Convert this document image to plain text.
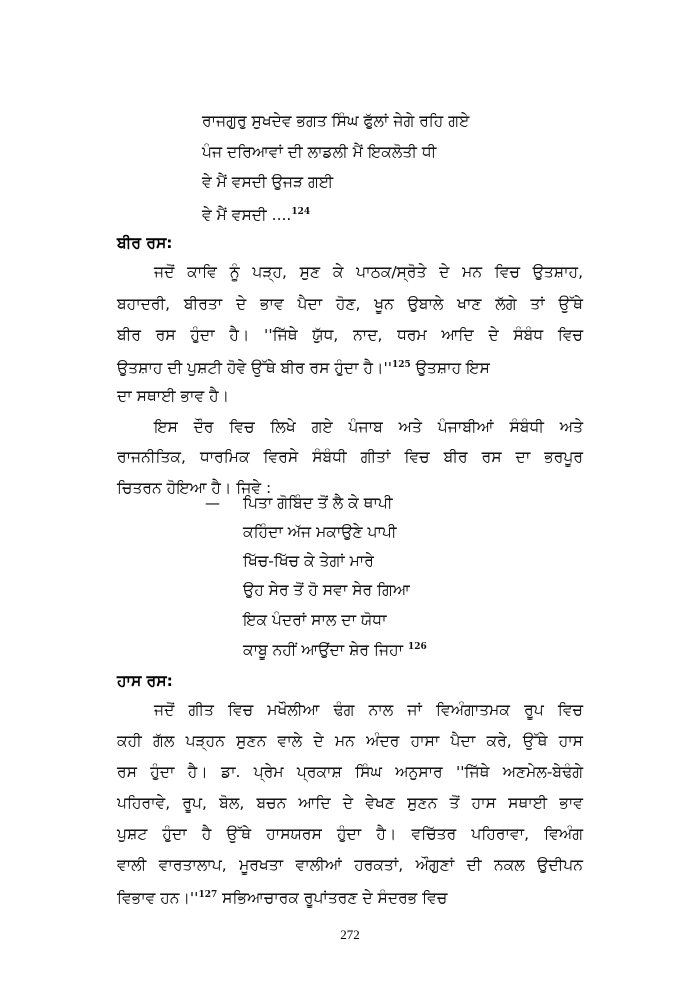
ਰਾਜਗੁਰੁ ਸੁਖਦੇਵ ਭਗਤ ਸਿੰਘ ਫੁੱਲਾਂ ਜੇਗੇ ਰਹਿ ਗਏ
ਪੰਜ ਦਰਿਆਵਾਂ ਦੀ ਲਾਡਲੀ ਮੈਂ ਇਕਲੋਤੀ ਧੀ
ਵੇ ਮੈਂ ਵਸਦੀ ਉਜੜ ਗਈ
ਵੇ ਮੈਂ ਵਸਦੀ ....$^{124}$
ਬੀਰ ਰਸ:
ਜਦੋਂ ਕਾਵਿ ਨੂੰ ਪੜ੍ਹ, ਸੁਣ ਕੇ ਪਾਠਕ/ਸ੍ਰੋਤੇ ਦੇ ਮਨ ਵਿਚ ਉਤਸ਼ਾਹ,
ਬਹਾਦਰੀ, ਬੀਰਤਾ ਦੇ ਭਾਵ ਪੈਦਾ ਹੋਣ, ਖੂਨ ਉਬਾਲੇ ਖਾਣ ਲੱਗੇ ਤਾਂ ਉੱਥੇ
ਬੀਰ ਰਸ ਹੁੰਦਾ ਹੈ। ''ਜਿੱਥੇ ਯੁੱਧ, ਨਾਦ, ਧਰਮ ਆਦਿ ਦੇ ਸੰਬੰਧ ਵਿਚ
ਉਤਸ਼ਾਹ ਦੀ ਪੁਸ਼ਟੀ ਹੋਵੇ ਉੱਥੇ ਬੀਰ ਰਸ ਹੁੰਦਾ $ਹੈ।''^{125}$ ਉਤਸ਼ਾਹ ਇਸ
ਦਾ ਸਥਾਈ ਭਾਵ ਹੈ।
ਇਸ ਦੌਰ ਵਿਚ ਲਿਖੇ ਗਏ ਪੰਜਾਬ ਅਤੇ ਪੰਜਾਬੀਆਂ ਸੰਬੰਧੀ ਅਤੇ
ਰਾਜਨੀਤਿਕ, ਧਾਰਮਿਕ ਵਿਰਸੇ ਸੰਬੰਧੀ ਗੀਤਾਂ ਵਿਚ ਬੀਰ ਰਸ ਦਾ ਭਰਪੂਰ
ਚਿਤਰਨ ਹੋਇਆ ਹੈ। ਜਿਵੇ :
— ਪਿਤਾ ਗੋਬਿੰਦ ਤੋਂ ਲੈ ਕੇ ਥਾਪੀ
ਕਹਿੰਦਾ ਅੱਜ ਮਕਾਉਣੇ ਪਾਪੀ
ਖਿੱਚ-ਖਿੱਚ ਕੇ ਤੇਗਾਂ ਮਾਰੇ
ਉਹ ਸੇਰ ਤੋਂ ਹੋ ਸਵਾ ਸੇਰ ਗਿਆ
ਇਕ ਪੰਦਰਾਂ ਸਾਲ ਦਾ ਯੋਧਾ
ਕਾਬੂ ਨਹੀਂ ਆਉਂਦਾ ਸ਼ੇਰ ਜਿਹਾ $^{126}$
ਹਾਸ ਰਸ:
ਜਦੋਂ ਗੀਤ ਵਿਚ ਮਖੌਲੀਆ ਢੰਗ ਨਾਲ ਜਾਂ ਵਿਅੰਗਾਤਮਕ ਰੂਪ ਵਿਚ
ਕਹੀ ਗੱਲ ਪੜ੍ਹਨ ਸੁਣਨ ਵਾਲੇ ਦੇ ਮਨ ਅੰਦਰ ਹਾਸਾ ਪੈਦਾ ਕਰੇ, ਉੱਥੇ ਹਾਸ
ਰਸ ਹੁੰਦਾ ਹੈ। ਡਾ. ਪ੍ਰੇਮ ਪ੍ਰਕਾਸ਼ ਸਿੰਘ ਅਨੁਸਾਰ ''ਜਿੱਥੇ ਅਣਮੇਲ-ਬੇਢੰਗੇ
ਪਹਿਰਾਵੇ, ਰੂਪ, ਬੋਲ, ਬਚਨ ਆਦਿ ਦੇ ਵੇਖਣ ਸੁਣਨ ਤੋਂ ਹਾਸ ਸਥਾਈ ਭਾਵ
ਪੁਸ਼ਟ ਹੁੰਦਾ ਹੈ ਉੱਥੇ ਹਾਸਯਰਸ ਹੁੰਦਾ ਹੈ। ਵਚਿੱਤਰ ਪਹਿਰਾਵਾ, ਵਿਅੰਗ
ਵਾਲੀ ਵਾਰਤਾਲਾਪ, ਮੂਰਖਤਾ ਵਾਲੀਆਂ ਹਰਕਤਾਂ, ਔਗੁਣਾਂ ਦੀ ਨਕਲ ਉਦੀਪਨ
ਵਿਭਾਵ $ਹਨ।''^{127}$ ਸਭਿਆਚਾਰਕ ਰੂਪਾਂਤਰਣ ਦੇ ਸੰਦਰਭ ਵਿਚ
272
